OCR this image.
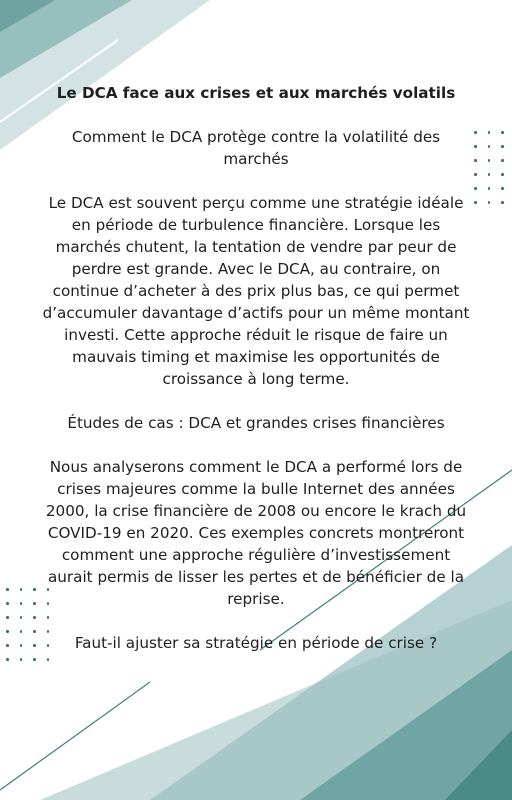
Le DCA face aux crises et aux marchés volatils
Comment le DCA protège contre la volatilité des marchés

Le DCA est souvent perçu comme une stratégie idéale en période de turbulence financière. Lorsque les marchés chutent, la tentation de vendre par peur de perdre est grande. Avec le DCA, au contraire, on continue d’acheter à des prix plus bas, ce qui permet d’accumuler davantage d’actifs pour un même montant investi. Cette approche réduit le risque de faire un mauvais timing et maximise les opportunités de croissance à long terme.

Études de cas : DCA et grandes crises financières

Nous analyserons comment le DCA a performé lors de crises majeures comme la bulle Internet des années 2000, la crise financière de 2008 ou encore le krach du COVID-19 en 2020. Ces exemples concrets montreront comment une approche régulière d’investissement aurait permis de lisser les pertes et de bénéficier de la reprise.

Faut-il ajuster sa stratégie en période de crise ?
